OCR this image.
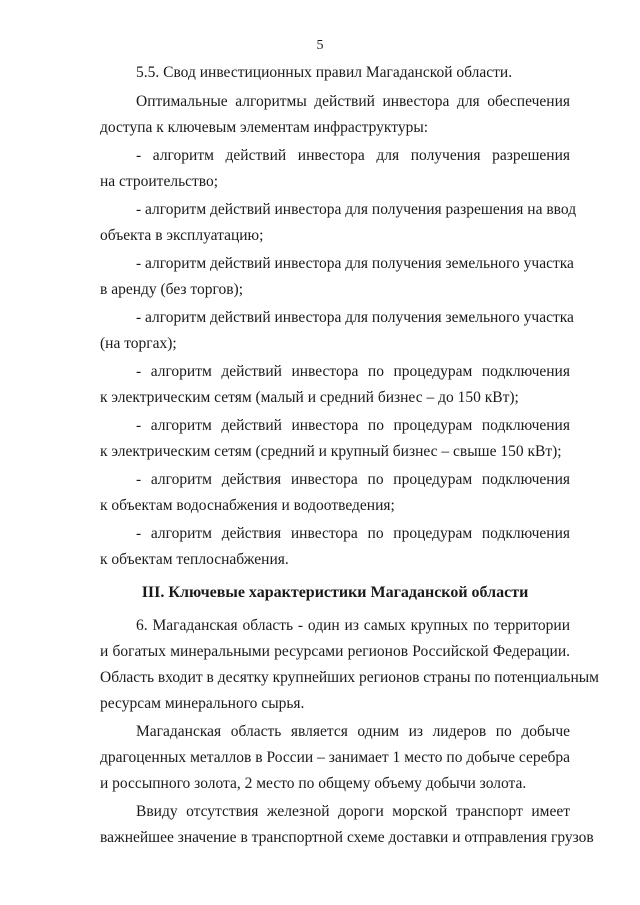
5
5.5. Свод инвестиционных правил Магаданской области.
Оптимальные алгоритмы действий инвестора для обеспечения
доступа к ключевым элементам инфраструктуры:
- алгоритм действий инвестора для получения разрешения
на строительство;
- алгоритм действий инвестора для получения разрешения на ввод
объекта в эксплуатацию;
- алгоритм действий инвестора для получения земельного участка
в аренду (без торгов);
- алгоритм действий инвестора для получения земельного участка
(на торгах);
- алгоритм действий инвестора по процедурам подключения
к электрическим сетям (малый и средний бизнес – до 150 кВт);
- алгоритм действий инвестора по процедурам подключения
к электрическим сетям (средний и крупный бизнес – свыше 150 кВт);
- алгоритм действия инвестора по процедурам подключения
к объектам водоснабжения и водоотведения;
- алгоритм действия инвестора по процедурам подключения
к объектам теплоснабжения.
III. Ключевые характеристики Магаданской области
6. Магаданская область - один из самых крупных по территории
и богатых минеральными ресурсами регионов Российской Федерации.
Область входит в десятку крупнейших регионов страны по потенциальным
ресурсам минерального сырья.
Магаданская область является одним из лидеров по добыче
драгоценных металлов в России – занимает 1 место по добыче серебра
и россыпного золота, 2 место по общему объему добычи золота.
Ввиду отсутствия железной дороги морской транспорт имеет
важнейшее значение в транспортной схеме доставки и отправления грузов
